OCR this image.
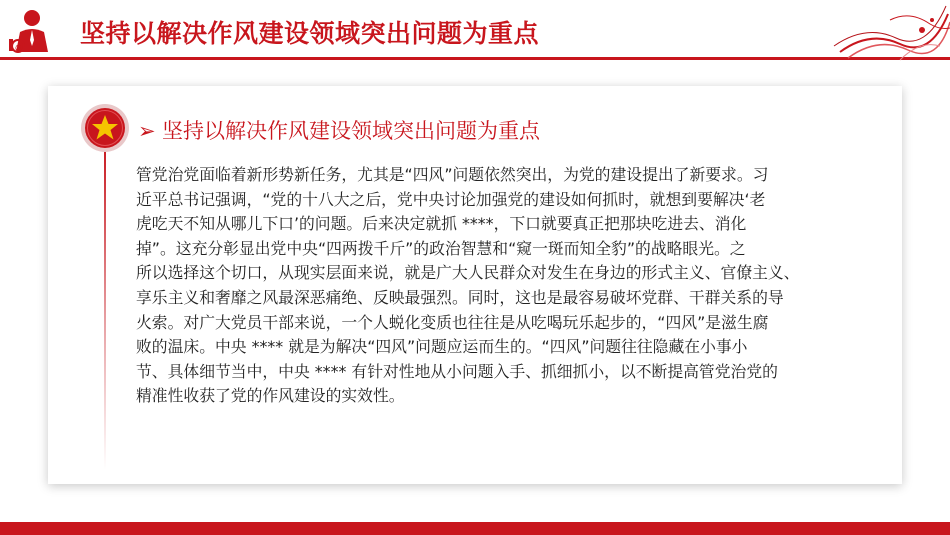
@ 坚持以解决作风建设领域突出问题为重点
➢ 坚持以解决作风建设领域突出问题为重点
管党治党面临着新形势新任务，尤其是“四风”问题依然突出，为党的建设提出了新要求。习
近平总书记强调，“党的十八大之后，党中央讨论加强党的建设如何抓时，就想到要解决‘老
虎吃天不知从哪儿下口’的问题。后来决定就抓 ****，下口就要真正把那块吃进去、消化
掉”。这充分彰显出党中央“四两拨千斤”的政治智慧和“窥一斑而知全豹”的战略眼光。之
所以选择这个切口，从现实层面来说，就是广大人民群众对发生在身边的形式主义、官僚主义、
享乐主义和奢靡之风最深恶痛绝、反映最强烈。同时，这也是最容易破坏党群、干群关系的导
火索。对广大党员干部来说，一个人蜕化变质也往往是从吃喝玩乐起步的，“四风”是滋生腐
败的温床。中央 **** 就是为解决“四风”问题应运而生的。“四风”问题往往隐藏在小事小
节、具体细节当中，中央 **** 有针对性地从小问题入手、抓细抓小，以不断提高管党治党的
精准性收获了党的作风建设的实效性。
